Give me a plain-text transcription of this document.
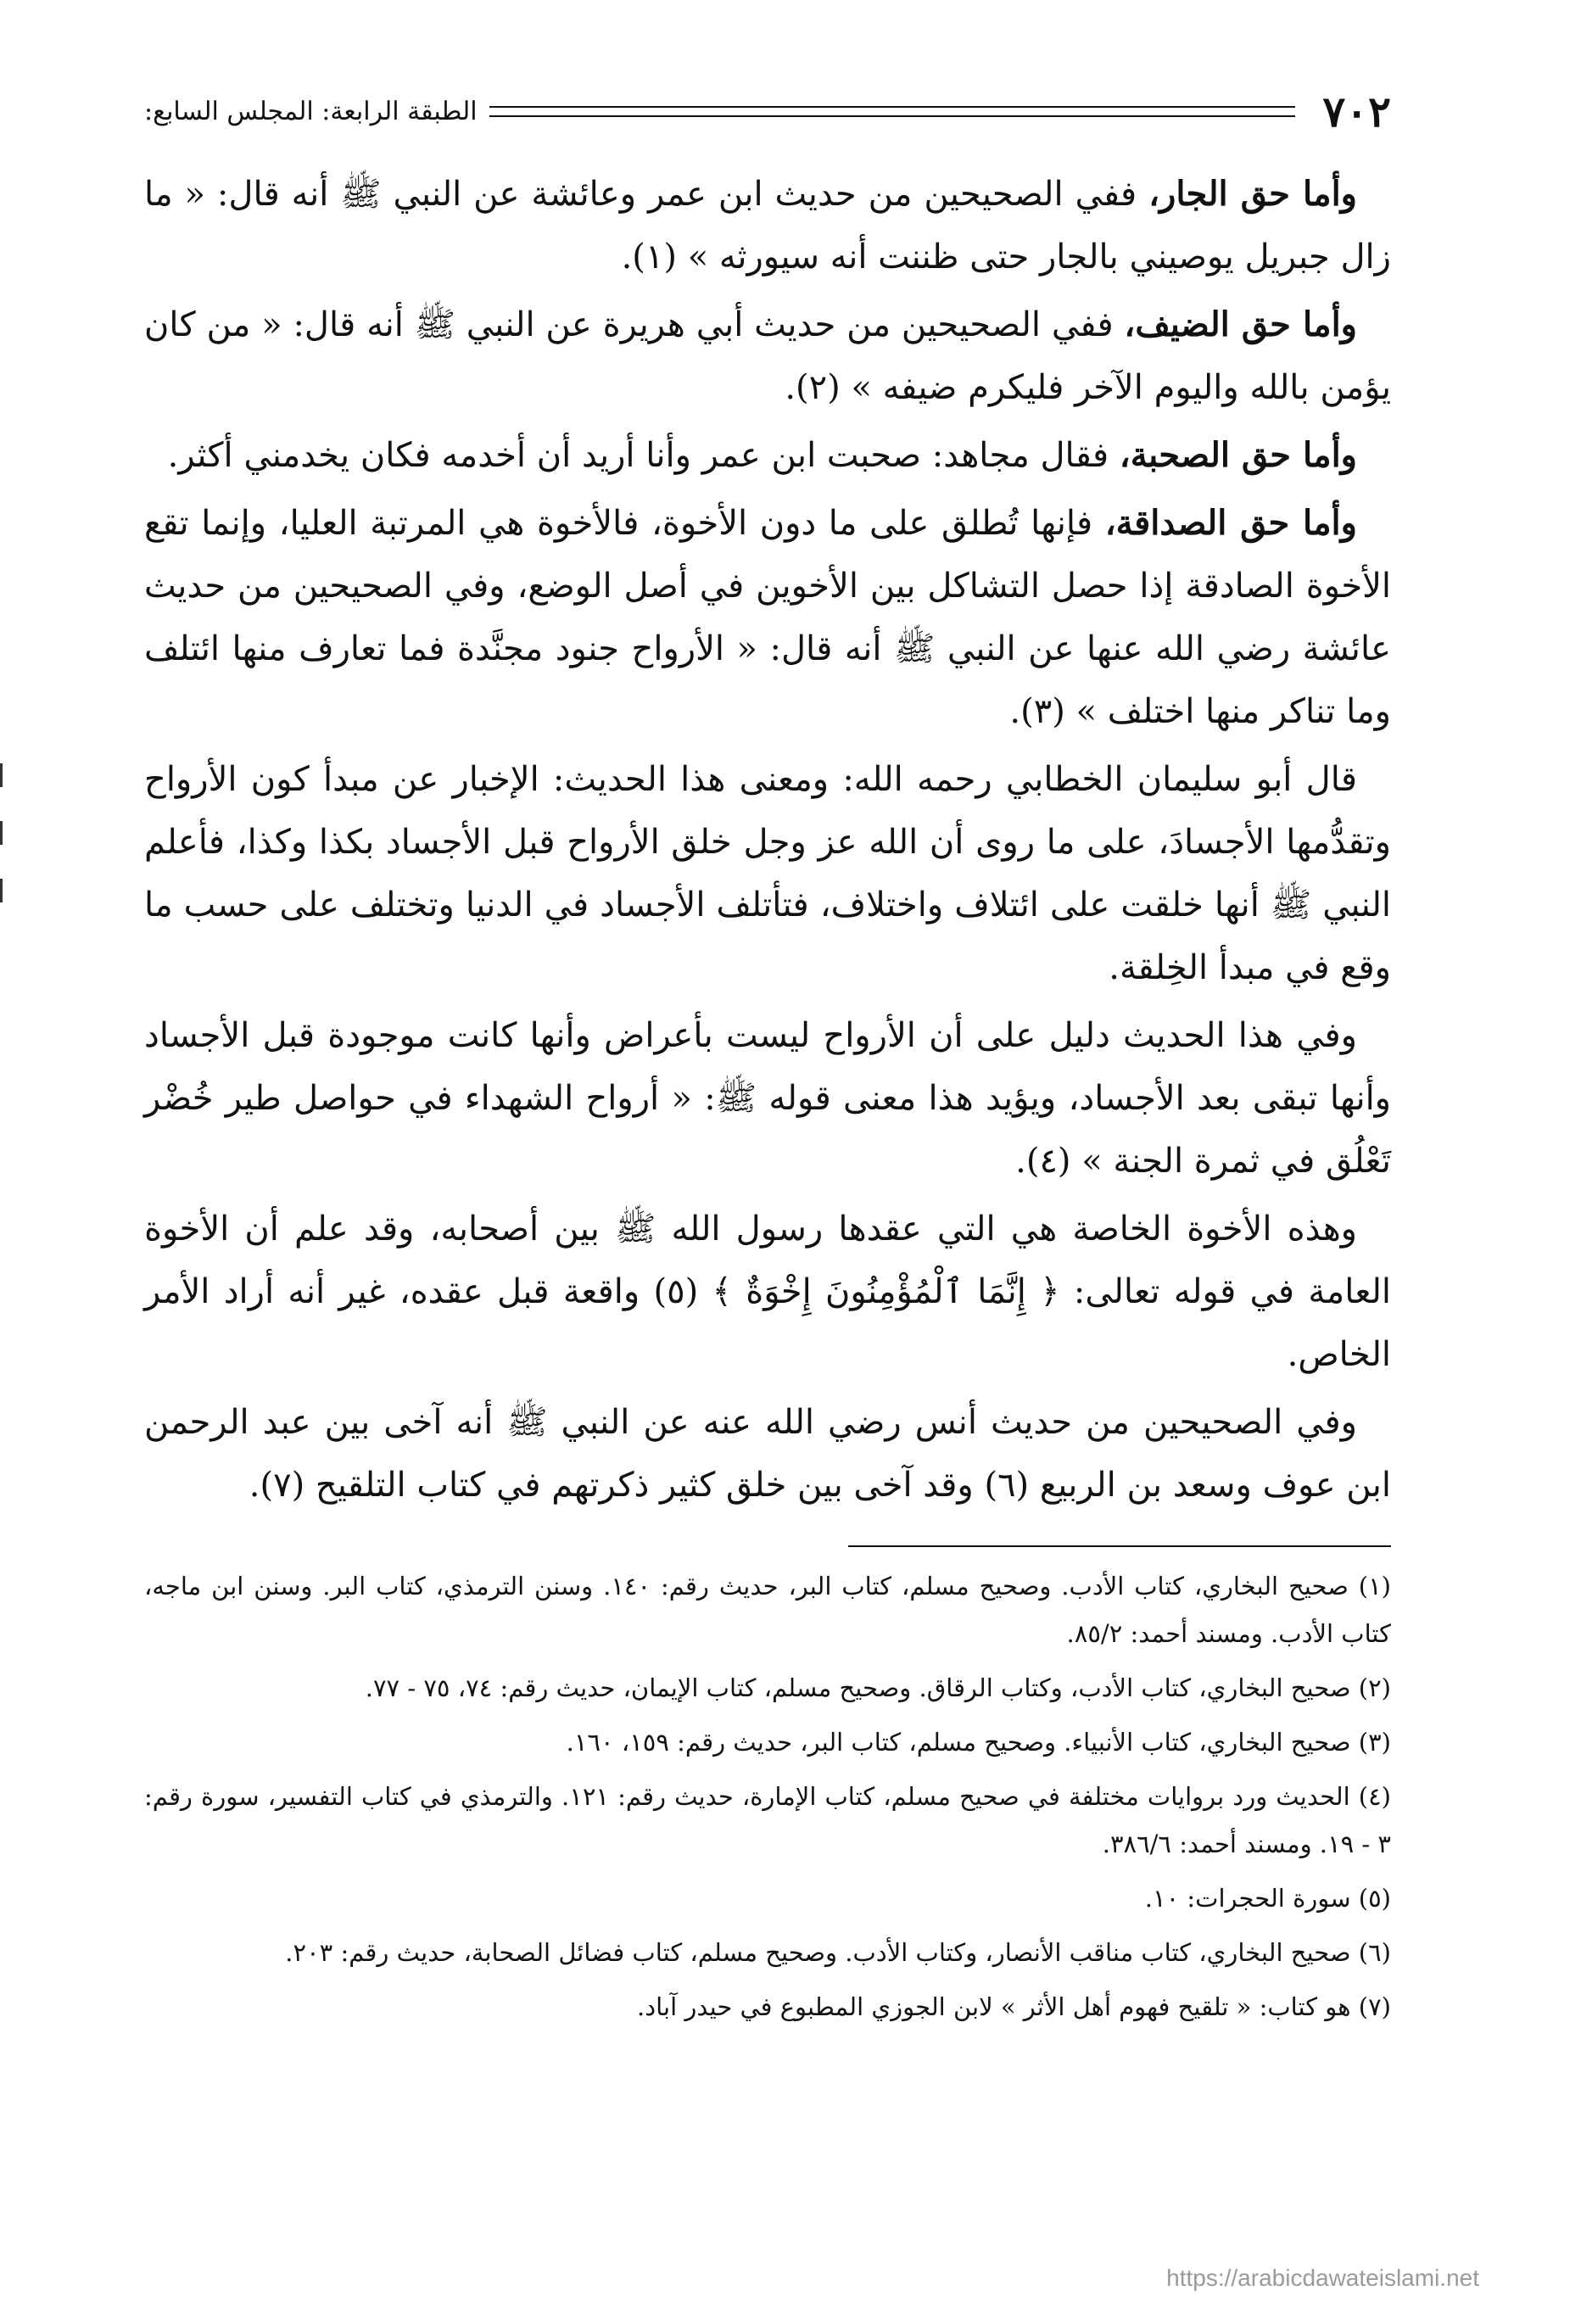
٧٠٢
الطبقة الرابعة: المجلس السابع:

وأما حق الجار، ففي الصحيحين من حديث ابن عمر وعائشة عن النبي ﷺ أنه قال: « ما زال جبريل يوصيني بالجار حتى ظننت أنه سيورثه » (١).

وأما حق الضيف، ففي الصحيحين من حديث أبي هريرة عن النبي ﷺ أنه قال: « من كان يؤمن بالله واليوم الآخر فليكرم ضيفه » (٢).

وأما حق الصحبة، فقال مجاهد: صحبت ابن عمر وأنا أريد أن أخدمه فكان يخدمني أكثر.

وأما حق الصداقة، فإنها تُطلق على ما دون الأخوة، فالأخوة هي المرتبة العليا، وإنما تقع الأخوة الصادقة إذا حصل التشاكل بين الأخوين في أصل الوضع، وفي الصحيحين من حديث عائشة رضي الله عنها عن النبي ﷺ أنه قال: « الأرواح جنود مجنَّدة فما تعارف منها ائتلف وما تناكر منها اختلف » (٣).

قال أبو سليمان الخطابي رحمه الله: ومعنى هذا الحديث: الإخبار عن مبدأ كون الأرواح وتقدُّمها الأجسادَ، على ما روى أن الله عز وجل خلق الأرواح قبل الأجساد بكذا وكذا، فأعلم النبي ﷺ أنها خلقت على ائتلاف واختلاف، فتأتلف الأجساد في الدنيا وتختلف على حسب ما وقع في مبدأ الخِلقة.

وفي هذا الحديث دليل على أن الأرواح ليست بأعراض وأنها كانت موجودة قبل الأجساد وأنها تبقى بعد الأجساد، ويؤيد هذا معنى قوله ﷺ: « أرواح الشهداء في حواصل طير خُضْر تَعْلُق في ثمرة الجنة » (٤).

وهذه الأخوة الخاصة هي التي عقدها رسول الله ﷺ بين أصحابه، وقد علم أن الأخوة العامة في قوله تعالى: ﴿ إِنَّمَا ٱلْمُؤْمِنُونَ إِخْوَةٌ ﴾ (٥) واقعة قبل عقده، غير أنه أراد الأمر الخاص.

وفي الصحيحين من حديث أنس رضي الله عنه عن النبي ﷺ أنه آخى بين عبد الرحمن ابن عوف وسعد بن الربيع (٦) وقد آخى بين خلق كثير ذكرتهم في كتاب التلقيح (٧).

(١) صحيح البخاري، كتاب الأدب. وصحيح مسلم، كتاب البر، حديث رقم: ١٤٠. وسنن الترمذي، كتاب البر. وسنن ابن ماجه، كتاب الأدب. ومسند أحمد: ٨٥/٢.

(٢) صحيح البخاري، كتاب الأدب، وكتاب الرقاق. وصحيح مسلم، كتاب الإيمان، حديث رقم: ٧٤، ٧٥ - ٧٧.

(٣) صحيح البخاري، كتاب الأنبياء. وصحيح مسلم، كتاب البر، حديث رقم: ١٥٩، ١٦٠.

(٤) الحديث ورد بروايات مختلفة في صحيح مسلم، كتاب الإمارة، حديث رقم: ١٢١. والترمذي في كتاب التفسير، سورة رقم: ٣ - ١٩. ومسند أحمد: ٣٨٦/٦.

(٥) سورة الحجرات: ١٠.

(٦) صحيح البخاري، كتاب مناقب الأنصار، وكتاب الأدب. وصحيح مسلم، كتاب فضائل الصحابة، حديث رقم: ٢٠٣.

(٧) هو كتاب: « تلقيح فهوم أهل الأثر » لابن الجوزي المطبوع في حيدر آباد.

https://arabicdawateislami.net
